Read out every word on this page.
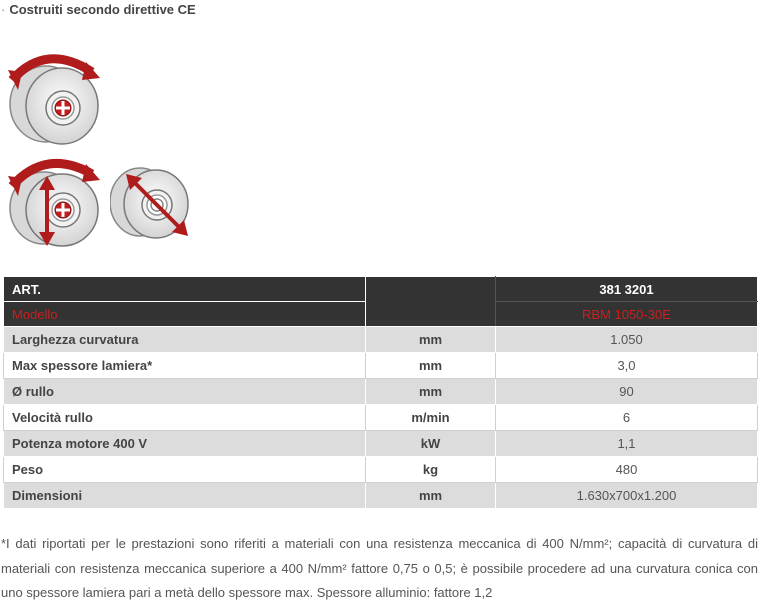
· Costruiti secondo direttive CE
ART.		381 3201
Modello		RBM 1050-30E
Larghezza curvatura	mm	1.050
Max spessore lamiera*	mm	3,0
Ø rullo	mm	90
Velocità rullo	m/min	6
Potenza motore 400 V	kW	1,1
Peso	kg	480
Dimensioni	mm	1.630x700x1.200
*I dati riportati per le prestazioni sono riferiti a materiali con una resistenza meccanica di 400 N/mm²; capacità di curvatura di materiali con resistenza meccanica superiore a 400 N/mm² fattore 0,75 o 0,5; è possibile procedere ad una curvatura conica con uno spessore lamiera pari a metà dello spessore max. Spessore alluminio: fattore 1,2
